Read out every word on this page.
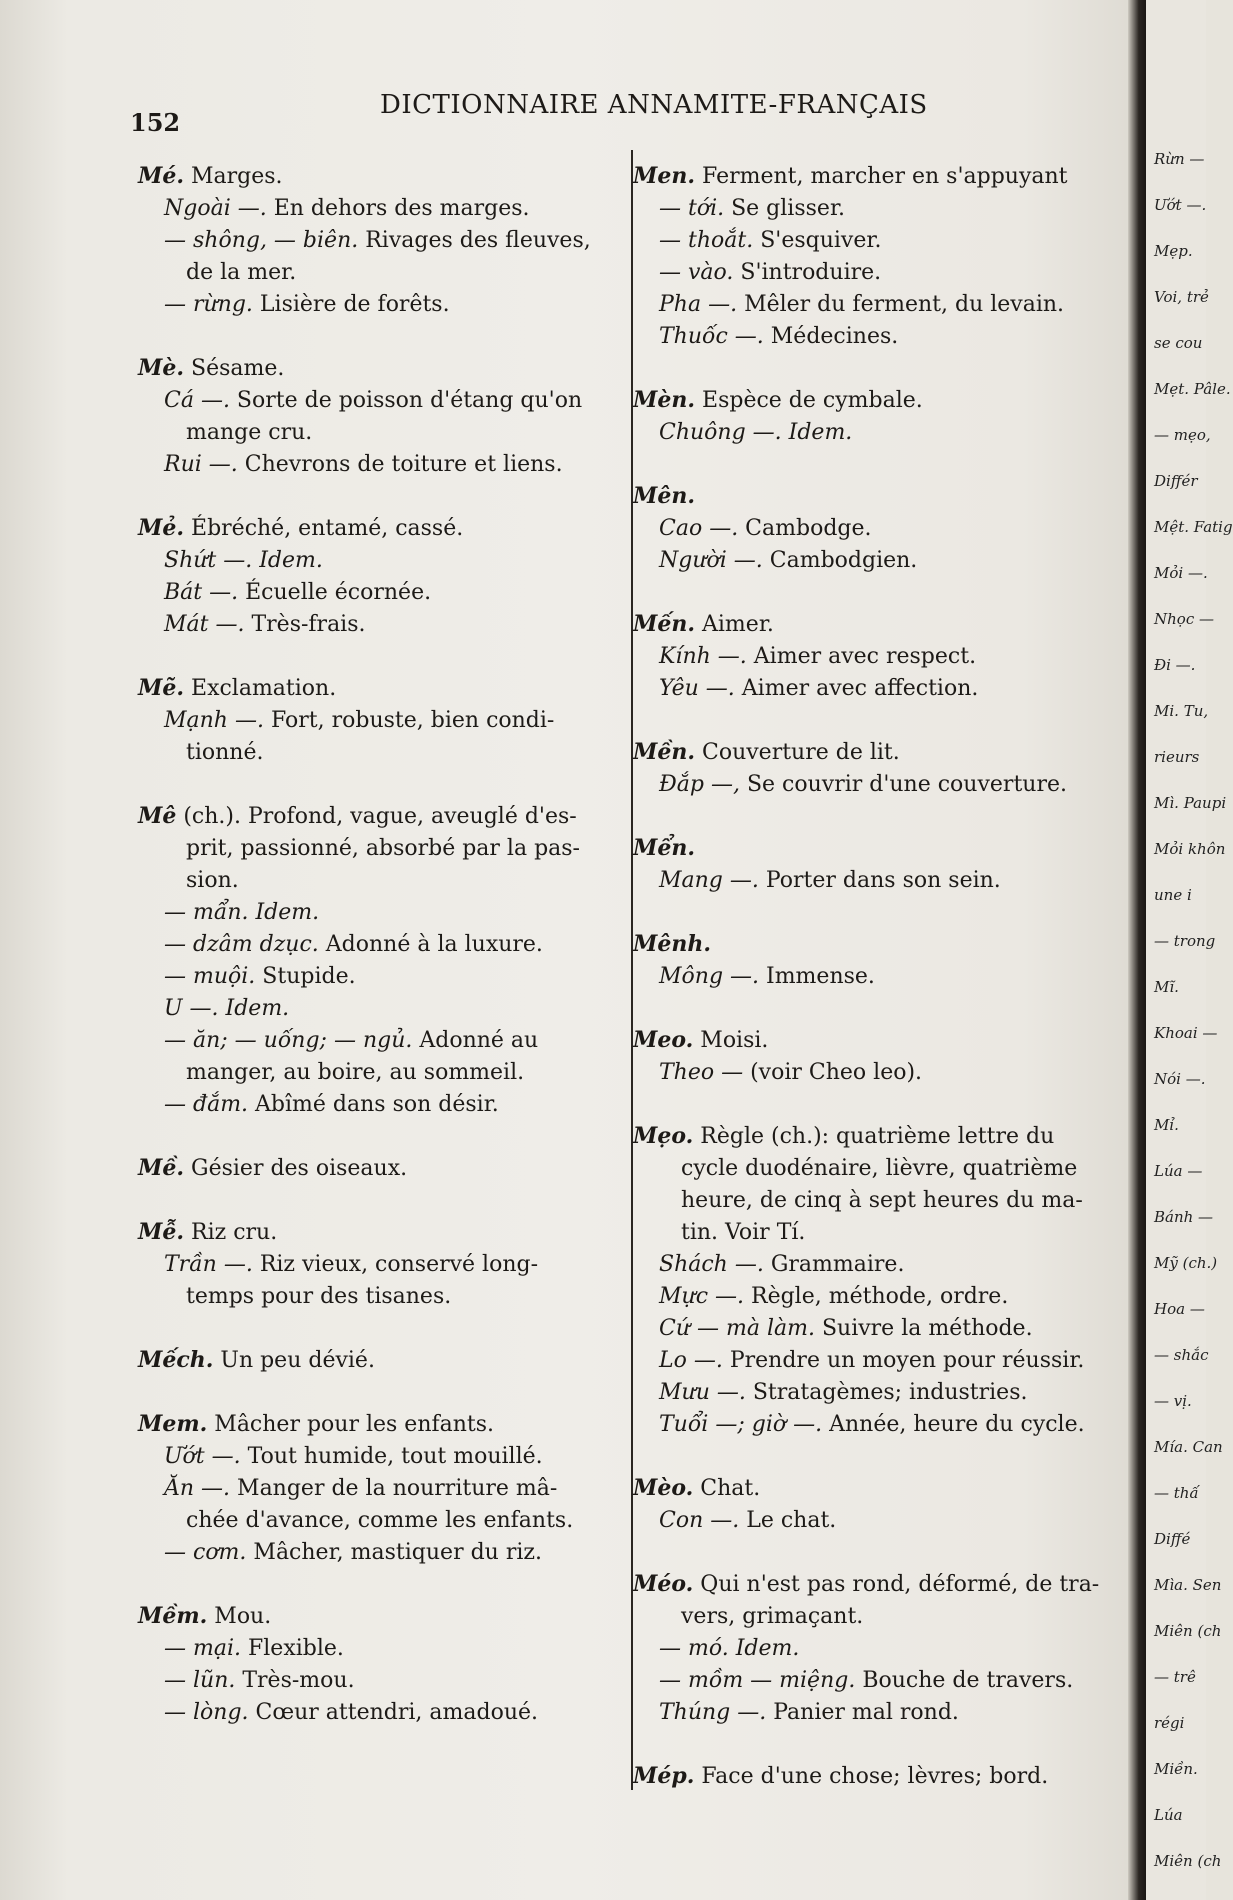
152

DICTIONNAIRE ANNAMITE-FRANÇAIS
Mé. Marges.
Ngoài —. En dehors des marges.
— shông, — biên. Rivages des fleuves,
de la mer.
— rừng. Lisière de forêts.
Mè. Sésame.
Cá —. Sorte de poisson d'étang qu'on
mange cru.
Rui —. Chevrons de toiture et liens.
Mẻ. Ébréché, entamé, cassé.
Shứt —. Idem.
Bát —. Écuelle écornée.
Mát —. Très-frais.
Mẽ. Exclamation.
Mạnh —. Fort, robuste, bien condi-
tionné.
Mê (ch.). Profond, vague, aveuglé d'es-
prit, passionné, absorbé par la pas-
sion.
— mẩn. Idem.
— dzâm dzục. Adonné à la luxure.
— muội. Stupide.
U —. Idem.
— ăn; — uống; — ngủ. Adonné au
manger, au boire, au sommeil.
— đắm. Abîmé dans son désir.
Mề. Gésier des oiseaux.
Mễ. Riz cru.
Trần —. Riz vieux, conservé long-
temps pour des tisanes.
Mếch. Un peu dévié.
Mem. Mâcher pour les enfants.
Ướt —. Tout humide, tout mouillé.
Ăn —. Manger de la nourriture mâ-
chée d'avance, comme les enfants.
— cơm. Mâcher, mastiquer du riz.
Mềm. Mou.
— mại. Flexible.
— lũn. Très-mou.
— lòng. Cœur attendri, amadoué.
Men. Ferment, marcher en s'appuyant
— tới. Se glisser.
— thoắt. S'esquiver.
— vào. S'introduire.
Pha —. Mêler du ferment, du levain.
Thuốc —. Médecines.
Mèn. Espèce de cymbale.
Chuông —. Idem.
Mên.
Cao —. Cambodge.
Người —. Cambodgien.
Mến. Aimer.
Kính —. Aimer avec respect.
Yêu —. Aimer avec affection.
Mền. Couverture de lit.
Đắp —, Se couvrir d'une couverture.
Mển.
Mang —. Porter dans son sein.
Mênh.
Mông —. Immense.
Meo. Moisi.
Theo — (voir Cheo leo).
Mẹo. Règle (ch.): quatrième lettre du
cycle duodénaire, lièvre, quatrième
heure, de cinq à sept heures du ma-
tin. Voir Tí.
Shách —. Grammaire.
Mực —. Règle, méthode, ordre.
Cứ — mà làm. Suivre la méthode.
Lo —. Prendre un moyen pour réussir.
Mưu —. Stratagèmes; industries.
Tuổi —; giờ —. Année, heure du cycle.
Mèo. Chat.
Con —. Le chat.
Méo. Qui n'est pas rond, déformé, de tra-
vers, grimaçant.
— mó. Idem.
— mồm — miệng. Bouche de travers.
Thúng —. Panier mal rond.
Mép. Face d'une chose; lèvres; bord.
Rừn —
Ướt —.
Mẹp.
Voi, trẻ
se cou
Mẹt. Pâle.
— mẹo,
Différ
Mệt. Fatig
Mỏi —.
Nhọc —
Đi —.
Mi. Tu,
rieurs
Mì. Paupi
Mỏi khôn
une i
— trong
Mĩ.
Khoai —
Nói —.
Mỉ.
Lúa —
Bánh —
Mỹ (ch.)
Hoa —
— shắc
— vị.
Mía. Can
— thấ
Diffé
Mìa. Sen
Miên (ch
— trê
régi
Miền.
Lúa
Miên (ch
